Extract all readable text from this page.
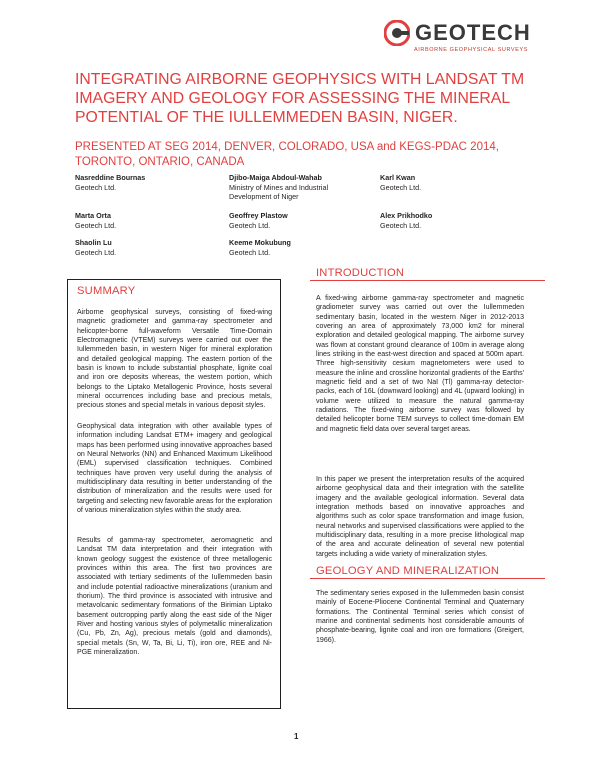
GEOTECH
AIRBORNE GEOPHYSICAL SURVEYS
INTEGRATING AIRBORNE GEOPHYSICS WITH LANDSAT TM IMAGERY AND GEOLOGY FOR ASSESSING THE MINERAL POTENTIAL OF THE IULLEMMEDEN BASIN, NIGER.
PRESENTED AT SEG 2014, DENVER, COLORADO, USA and KEGS-PDAC 2014, TORONTO, ONTARIO, CANADA
Nasreddine Bournas
Geotech Ltd.
Djibo-Maiga Abdoul-Wahab
Ministry of Mines and Industrial Development of Niger
Karl Kwan
Geotech Ltd.
Marta Orta
Geotech Ltd.
Geoffrey Plastow
Geotech Ltd.
Alex Prikhodko
Geotech Ltd.
Shaolin Lu
Geotech Ltd.
Keeme Mokubung
Geotech Ltd.
SUMMARY
Airborne geophysical surveys, consisting of fixed-wing magnetic gradiometer and gamma-ray spectrometer and helicopter-borne full-waveform Versatile Time-Domain Electromagnetic (VTEM) surveys were carried out over the Iullemmeden basin, in western Niger for mineral exploration and detailed geological mapping. The eastern portion of the basin is known to include substantial phosphate, lignite coal and iron ore deposits whereas, the western portion, which belongs to the Liptako Metallogenic Province, hosts several mineral occurrences including base and precious metals, precious stones and special metals in various deposit styles.
Geophysical data integration with other available types of information including Landsat ETM+ imagery and geological maps has been performed using innovative approaches based on Neural Networks (NN) and Enhanced Maximum Likelihood (EML) supervised classification techniques. Combined techniques have proven very useful during the analysis of multidisciplinary data resulting in better understanding of the distribution of mineralization and the results were used for targeting and selecting new favorable areas for the exploration of various mineralization styles within the study area.
Results of gamma-ray spectrometer, aeromagnetic and Landsat TM data interpretation and their integration with known geology suggest the existence of three metallogenic provinces within this area. The first two provinces are associated with tertiary sediments of the Iullemmeden basin and include potential radioactive mineralizations (uranium and thorium). The third province is associated with intrusive and metavolcanic sedimentary formations of the Birimian Liptako basement outcropping partly along the east side of the Niger River and hosting various styles of polymetallic mineralization (Cu, Pb, Zn, Ag), precious metals (gold and diamonds), special metals (Sn, W, Ta, Bi, Li, Ti), iron ore, REE and Ni-PGE mineralization.
INTRODUCTION
A fixed-wing airborne gamma-ray spectrometer and magnetic gradiometer survey was carried out over the Iullemmeden sedimentary basin, located in the western Niger in 2012-2013 covering an area of approximately 73,000 km2 for mineral exploration and detailed geological mapping. The airborne survey was flown at constant ground clearance of 100m in average along lines striking in the east-west direction and spaced at 500m apart. Three high-sensitivity cesium magnetometers were used to measure the inline and crossline horizontal gradients of the Earths' magnetic field and a set of two NaI (Tl) gamma-ray detector-packs, each of 16L (downward looking) and 4L (upward looking) in volume were utilized to measure the natural gamma-ray radiations. The fixed-wing airborne survey was followed by detailed helicopter borne TEM surveys to collect time-domain EM and magnetic field data over several target areas.
In this paper we present the interpretation results of the acquired airborne geophysical data and their integration with the satellite imagery and the available geological information. Several data integration methods based on innovative approaches and algorithms such as color space transformation and image fusion, neural networks and supervised classifications were applied to the multidisciplinary data, resulting in a more precise lithological map of the area and accurate delineation of several new potential targets including a wide variety of mineralization styles.
GEOLOGY AND MINERALIZATION
The sedimentary series exposed in the Iullemmeden basin consist mainly of Eocene-Pliocene Continental Terminal and Quaternary formations. The Continental Terminal series which consist of marine and continental sediments host considerable amounts of phosphate-bearing, lignite coal and iron ore formations (Greigert, 1966).
1
